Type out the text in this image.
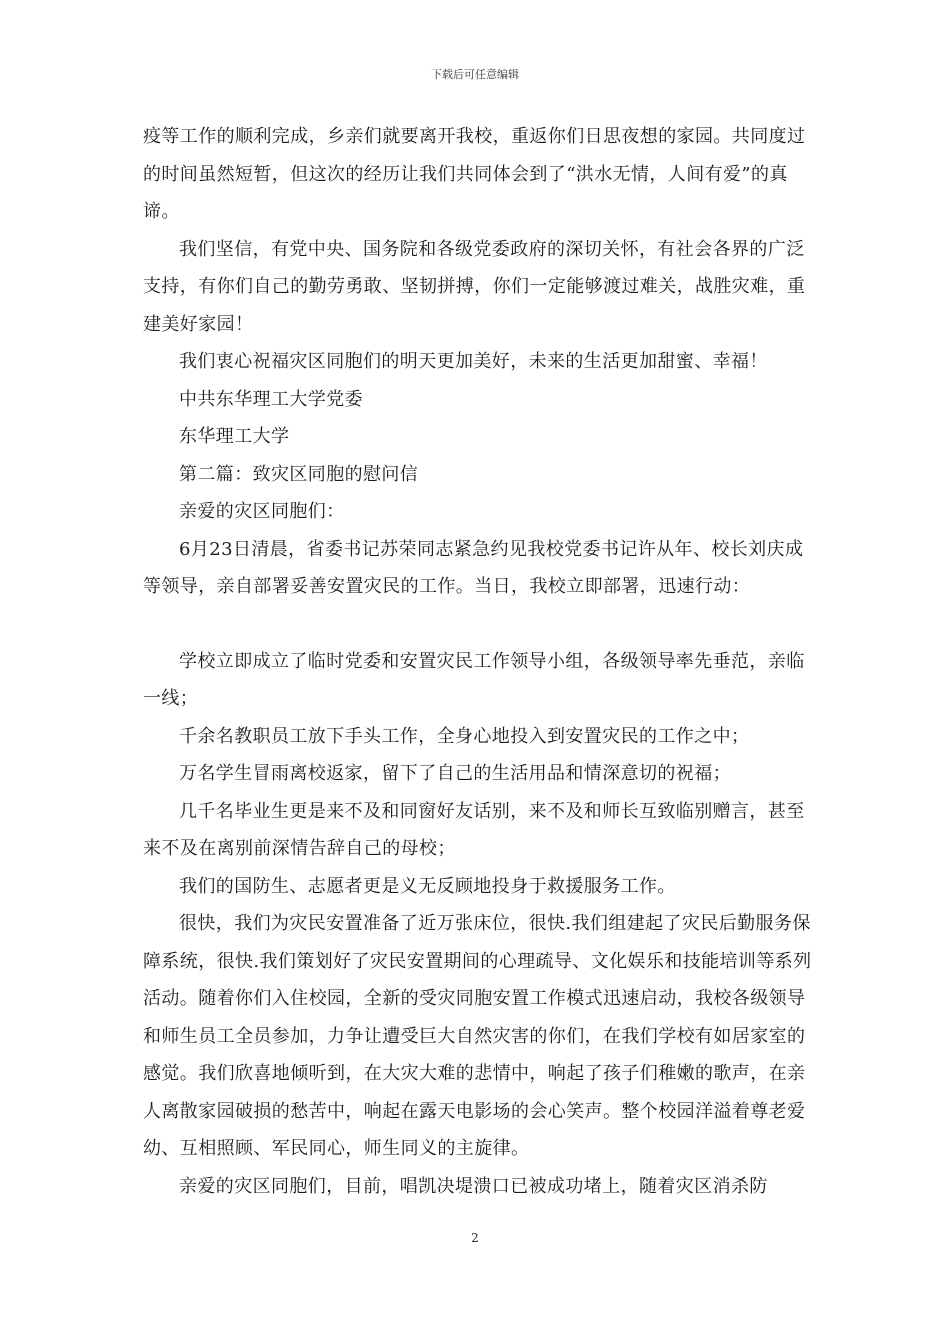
下载后可任意编辑

疫等工作的顺利完成，乡亲们就要离开我校，重返你们日思夜想的家园。共同度过的时间虽然短暂，但这次的经历让我们共同体会到了“洪水无情，人间有爱”的真谛。

我们坚信，有党中央、国务院和各级党委政府的深切关怀，有社会各界的广泛支持，有你们自己的勤劳勇敢、坚韧拼搏，你们一定能够渡过难关，战胜灾难，重建美好家园！

我们衷心祝福灾区同胞们的明天更加美好，未来的生活更加甜蜜、幸福！

中共东华理工大学党委

东华理工大学

第二篇：致灾区同胞的慰问信

亲爱的灾区同胞们：

6月23日清晨，省委书记苏荣同志紧急约见我校党委书记许从年、校长刘庆成等领导，亲自部署妥善安置灾民的工作。当日，我校立即部署，迅速行动：

学校立即成立了临时党委和安置灾民工作领导小组，各级领导率先垂范，亲临一线；

千余名教职员工放下手头工作，全身心地投入到安置灾民的工作之中；

万名学生冒雨离校返家，留下了自己的生活用品和情深意切的祝福；

几千名毕业生更是来不及和同窗好友话别，来不及和师长互致临别赠言，甚至来不及在离别前深情告辞自己的母校；

我们的国防生、志愿者更是义无反顾地投身于救援服务工作。

很快，我们为灾民安置准备了近万张床位，很快.我们组建起了灾民后勤服务保障系统，很快.我们策划好了灾民安置期间的心理疏导、文化娱乐和技能培训等系列活动。随着你们入住校园，全新的受灾同胞安置工作模式迅速启动，我校各级领导和师生员工全员参加，力争让遭受巨大自然灾害的你们，在我们学校有如居家室的感觉。我们欣喜地倾听到，在大灾大难的悲情中，响起了孩子们稚嫩的歌声，在亲人离散家园破损的愁苦中，响起在露天电影场的会心笑声。整个校园洋溢着尊老爱幼、互相照顾、军民同心，师生同义的主旋律。

亲爱的灾区同胞们，目前，唱凯决堤溃口已被成功堵上，随着灾区消杀防

2
